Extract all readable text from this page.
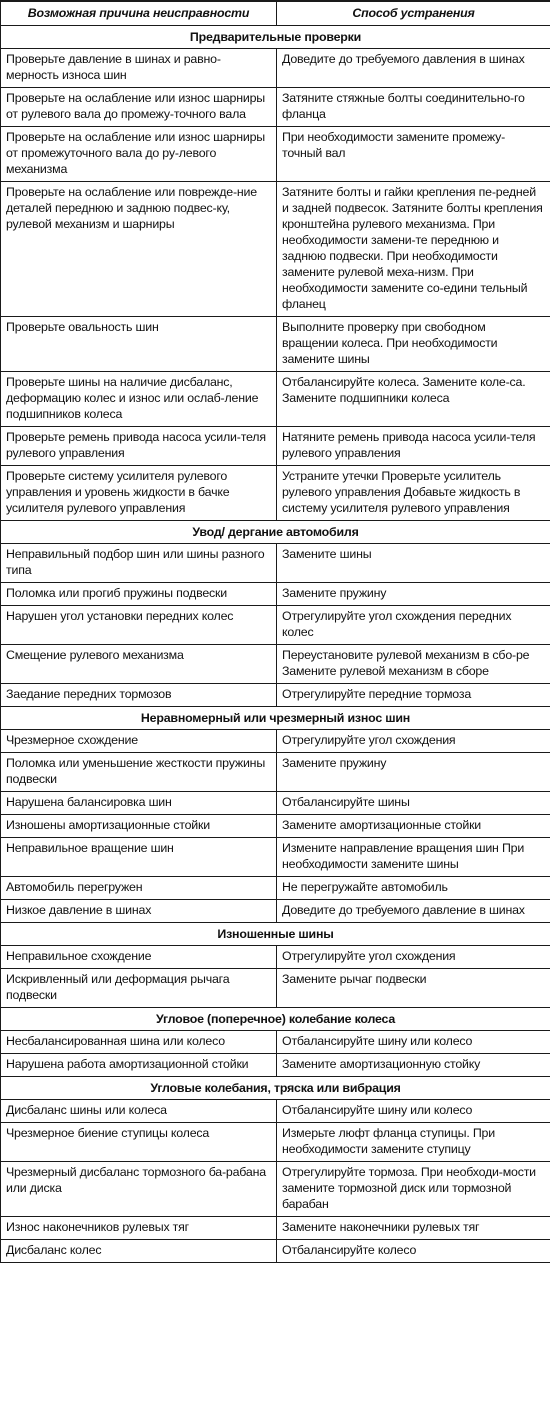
Возможная причина неисправности	Способ устранения
Предварительные проверки	
Проверьте давление в шинах и равно-мерность износа шин	Доведите до требуемого давления в шинах
Проверьте на ослабление или износ шарниры от рулевого вала до промежу-точного вала	Затяните стяжные болты соединительно-го фланца
Проверьте на ослабление или износ шарниры от промежуточного вала до ру-левого механизма	При необходимости замените промежу-точный вал
Проверьте на ослабление или поврежде-ние деталей переднюю и заднюю подвес-ку, рулевой механизм и шарниры	Затяните болты и гайки крепления пе-редней и задней подвесок. Затяните болты крепления кронштейна рулевого механизма. При необходимости замени-те переднюю и заднюю подвески. При необходимости замените рулевой меха-низм. При необходимости замените со-едини тельный фланец
Проверьте овальность шин	Выполните проверку при свободном вращении колеса. При необходимости замените шины
Проверьте шины на наличие дисбаланс, деформацию колес и износ или ослаб-ление подшипников колеса	Отбалансируйте колеса. Замените коле-са. Замените подшипники колеса
Проверьте ремень привода насоса усили-теля рулевого управления	Натяните ремень привода насоса усили-теля рулевого управления
Проверьте систему усилителя рулевого управления и уровень жидкости в бачке усилителя рулевого управления	Устраните утечки Проверьте усилитель рулевого управления Добавьте жидкость в систему усилителя рулевого управления
Увод/ дергание автомобиля	
Неправильный подбор шин или шины разного типа	Замените шины
Поломка или прогиб пружины подвески	Замените пружину
Нарушен угол установки передних колес	Отрегулируйте угол схождения передних колес
Смещение рулевого механизма	Переустановите рулевой механизм в сбо-ре Замените рулевой механизм в сборе
Заедание передних тормозов	Отрегулируйте передние тормоза
Неравномерный или чрезмерный износ шин	
Чрезмерное схождение	Отрегулируйте угол схождения
Поломка или уменьшение жесткости пружины подвески	Замените пружину
Нарушена балансировка шин	Отбалансируйте шины
Изношены амортизационные стойки	Замените амортизационные стойки
Неправильное вращение шин	Измените направление вращения шин При необходимости замените шины
Автомобиль перегружен	Не перегружайте автомобиль
Низкое давление в шинах	Доведите до требуемого давление в шинах
Изношенные шины	
Неправильное схождение	Отрегулируйте угол схождения
Искривленный или деформация рычага подвески	Замените рычаг подвески
Угловое (поперечное) колебание колеса	
Несбалансированная шина или колесо	Отбалансируйте шину или колесо
Нарушена работа амортизационной стойки	Замените амортизационную стойку
Угловые колебания, тряска или вибрация	
Дисбаланс шины или колеса	Отбалансируйте шину или колесо
Чрезмерное биение ступицы колеса	Измерьте люфт фланца ступицы. При необходимости замените ступицу
Чрезмерный дисбаланс тормозного ба-рабана или диска	Отрегулируйте тормоза. При необходи-мости замените тормозной диск или тормозной барабан
Износ наконечников рулевых тяг	Замените наконечники рулевых тяг
Дисбаланс колес	Отбалансируйте колесо
